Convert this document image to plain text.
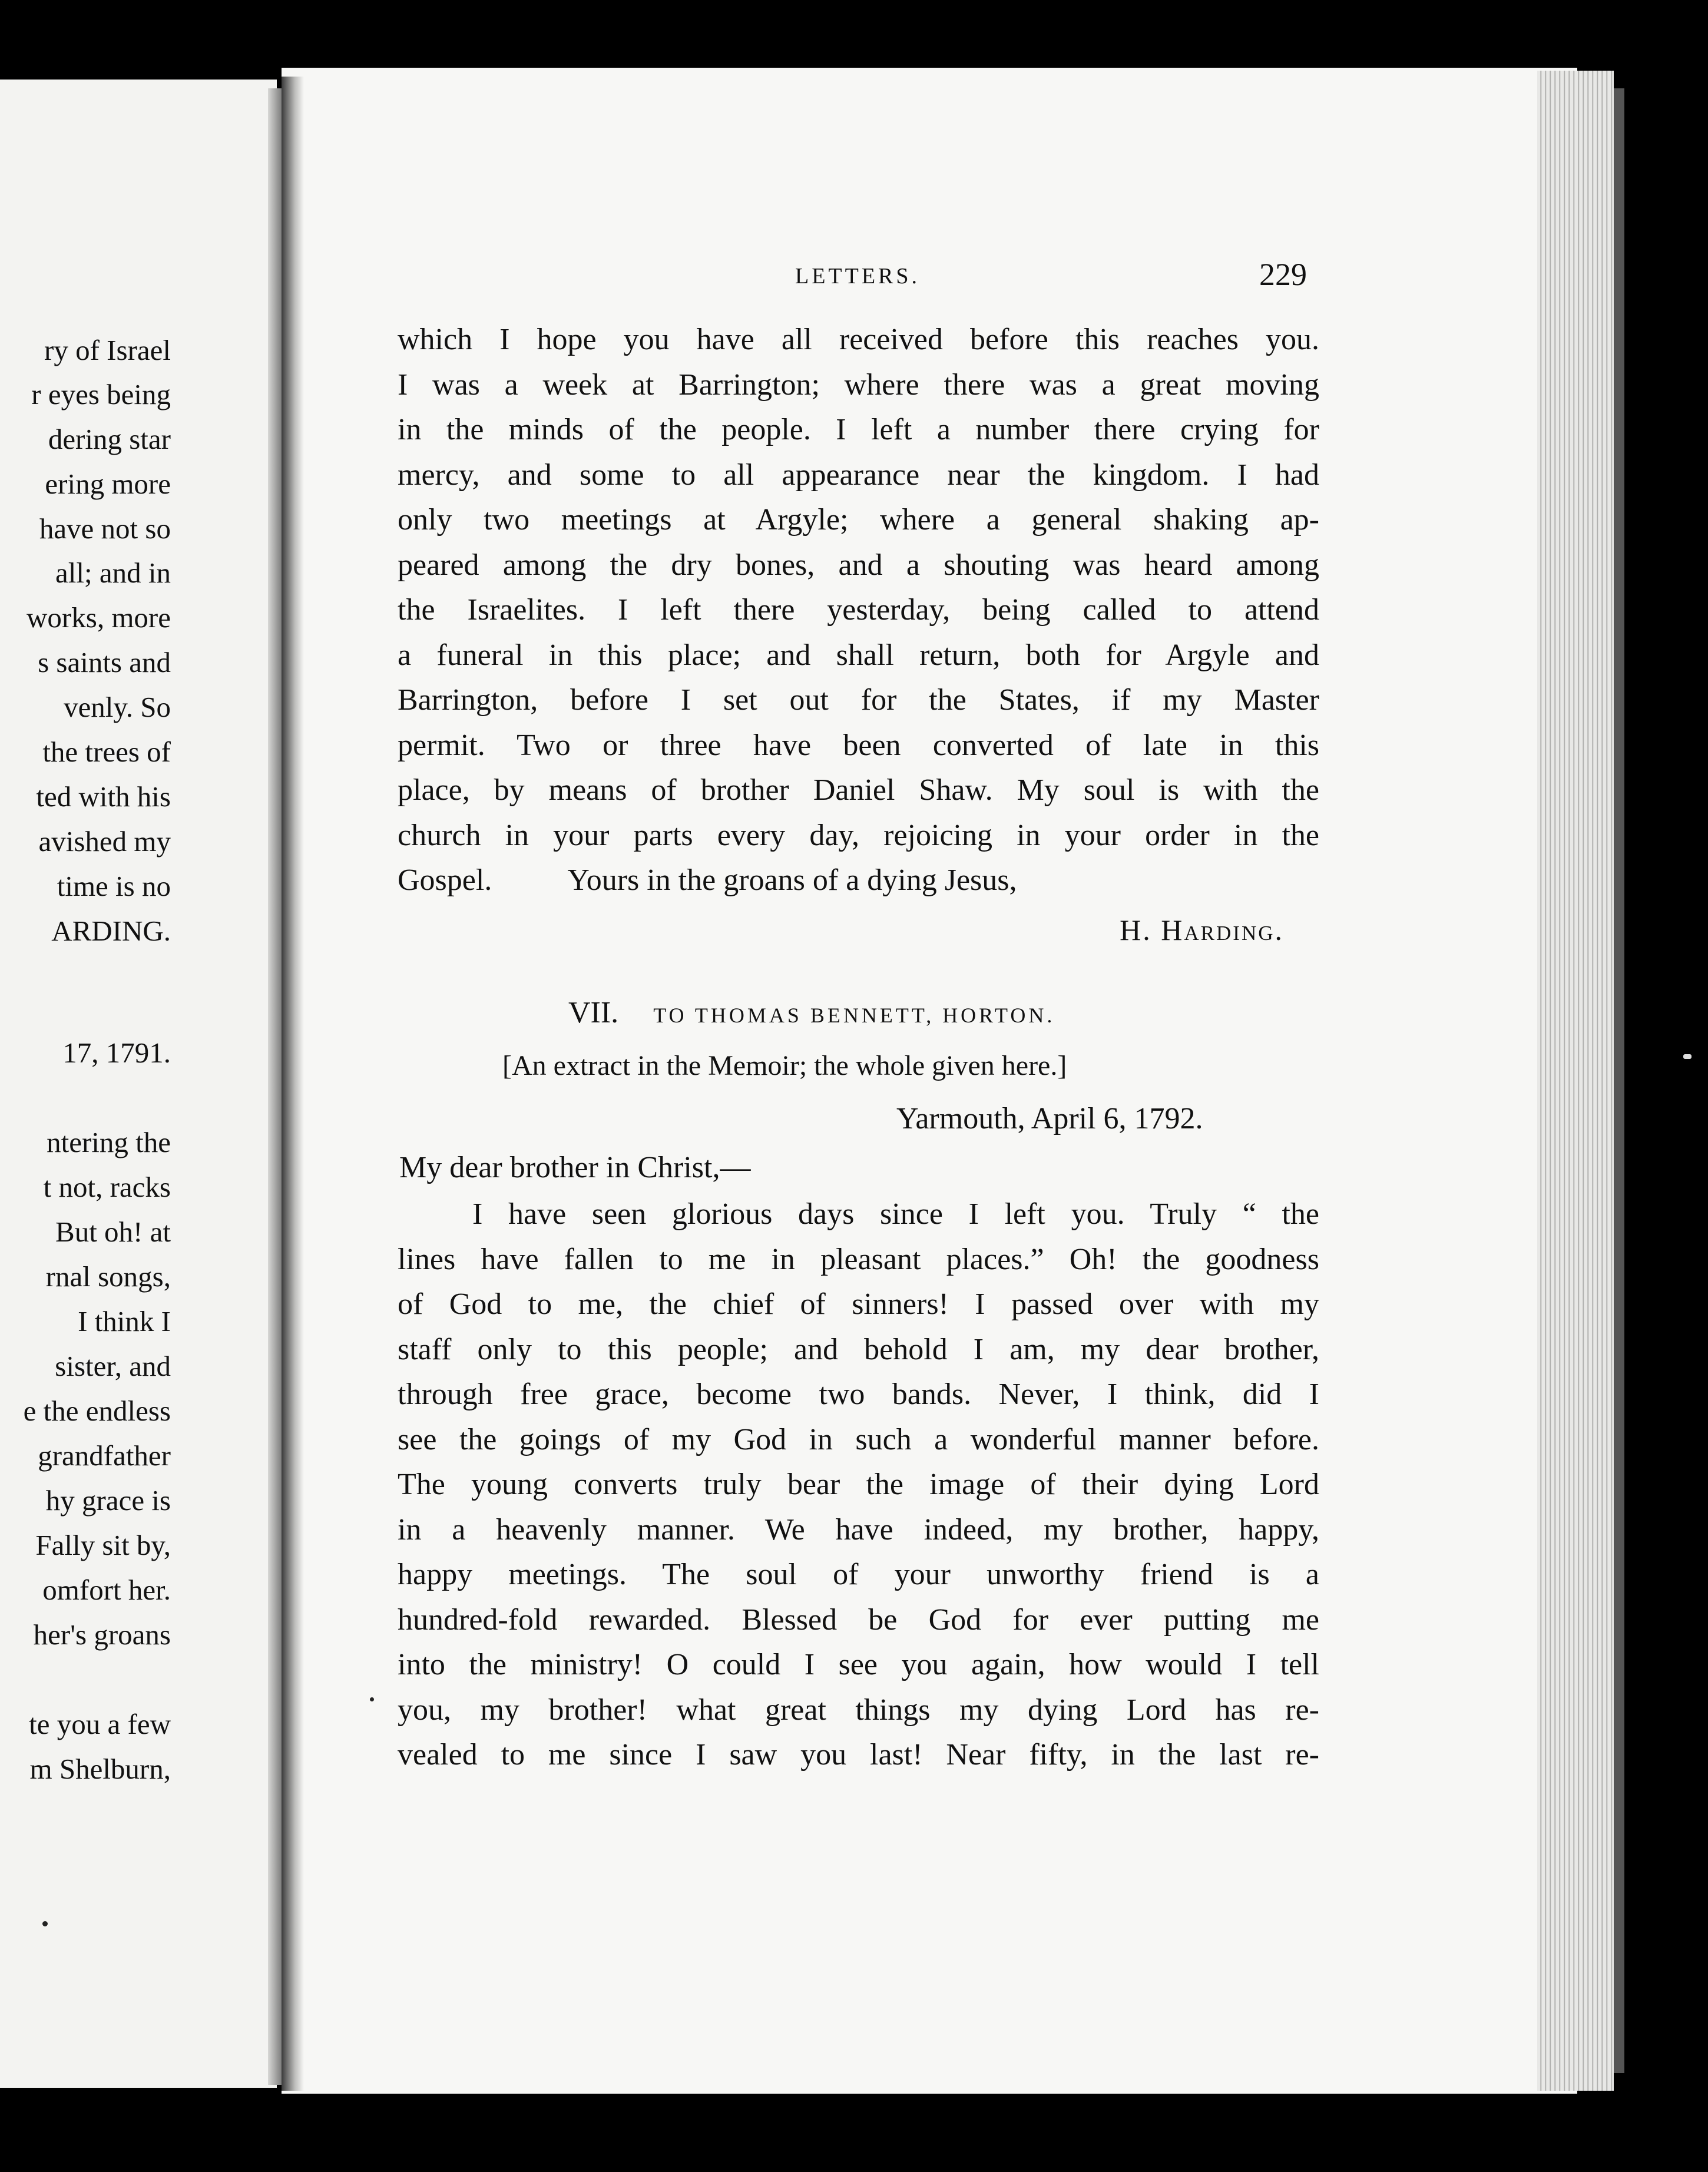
ry of Israel
r eyes being
dering star
ering more
have not so
all; and in
works, more
s saints and
venly. So
the trees of
ted with his
avished my
time is no
ARDING.
17, 1791.
ntering the
t not, racks
But oh! at
rnal songs,
I think I
sister, and
e the endless
grandfather
hy grace is
Fally sit by,
omfort her.
her's groans
te you a few
m Shelburn,
LETTERS.	229
which I hope you have all received before this reaches you.
I was a week at Barrington; where there was a great moving
in the minds of the people. I left a number there crying for
mercy, and some to all appearance near the kingdom. I had
only two meetings at Argyle; where a general shaking ap-
peared among the dry bones, and a shouting was heard among
the Israelites. I left there yesterday, being called to attend
a funeral in this place; and shall return, both for Argyle and
Barrington, before I set out for the States, if my Master
permit. Two or three have been converted of late in this
place, by means of brother Daniel Shaw. My soul is with the
church in your parts every day, rejoicing in your order in the
Gospel.          Yours in the groans of a dying Jesus,
H. Harding.
VII. TO THOMAS BENNETT, HORTON.
[An extract in the Memoir; the whole given here.]
Yarmouth, April 6, 1792.
My dear brother in Christ,—
I have seen glorious days since I left you. Truly “ the
lines have fallen to me in pleasant places.” Oh! the goodness
of God to me, the chief of sinners! I passed over with my
staff only to this people; and behold I am, my dear brother,
through free grace, become two bands. Never, I think, did I
see the goings of my God in such a wonderful manner before.
The young converts truly bear the image of their dying Lord
in a heavenly manner. We have indeed, my brother, happy,
happy meetings. The soul of your unworthy friend is a
hundred-fold rewarded. Blessed be God for ever putting me
into the ministry! O could I see you again, how would I tell
you, my brother! what great things my dying Lord has re-
vealed to me since I saw you last! Near fifty, in the last re-
